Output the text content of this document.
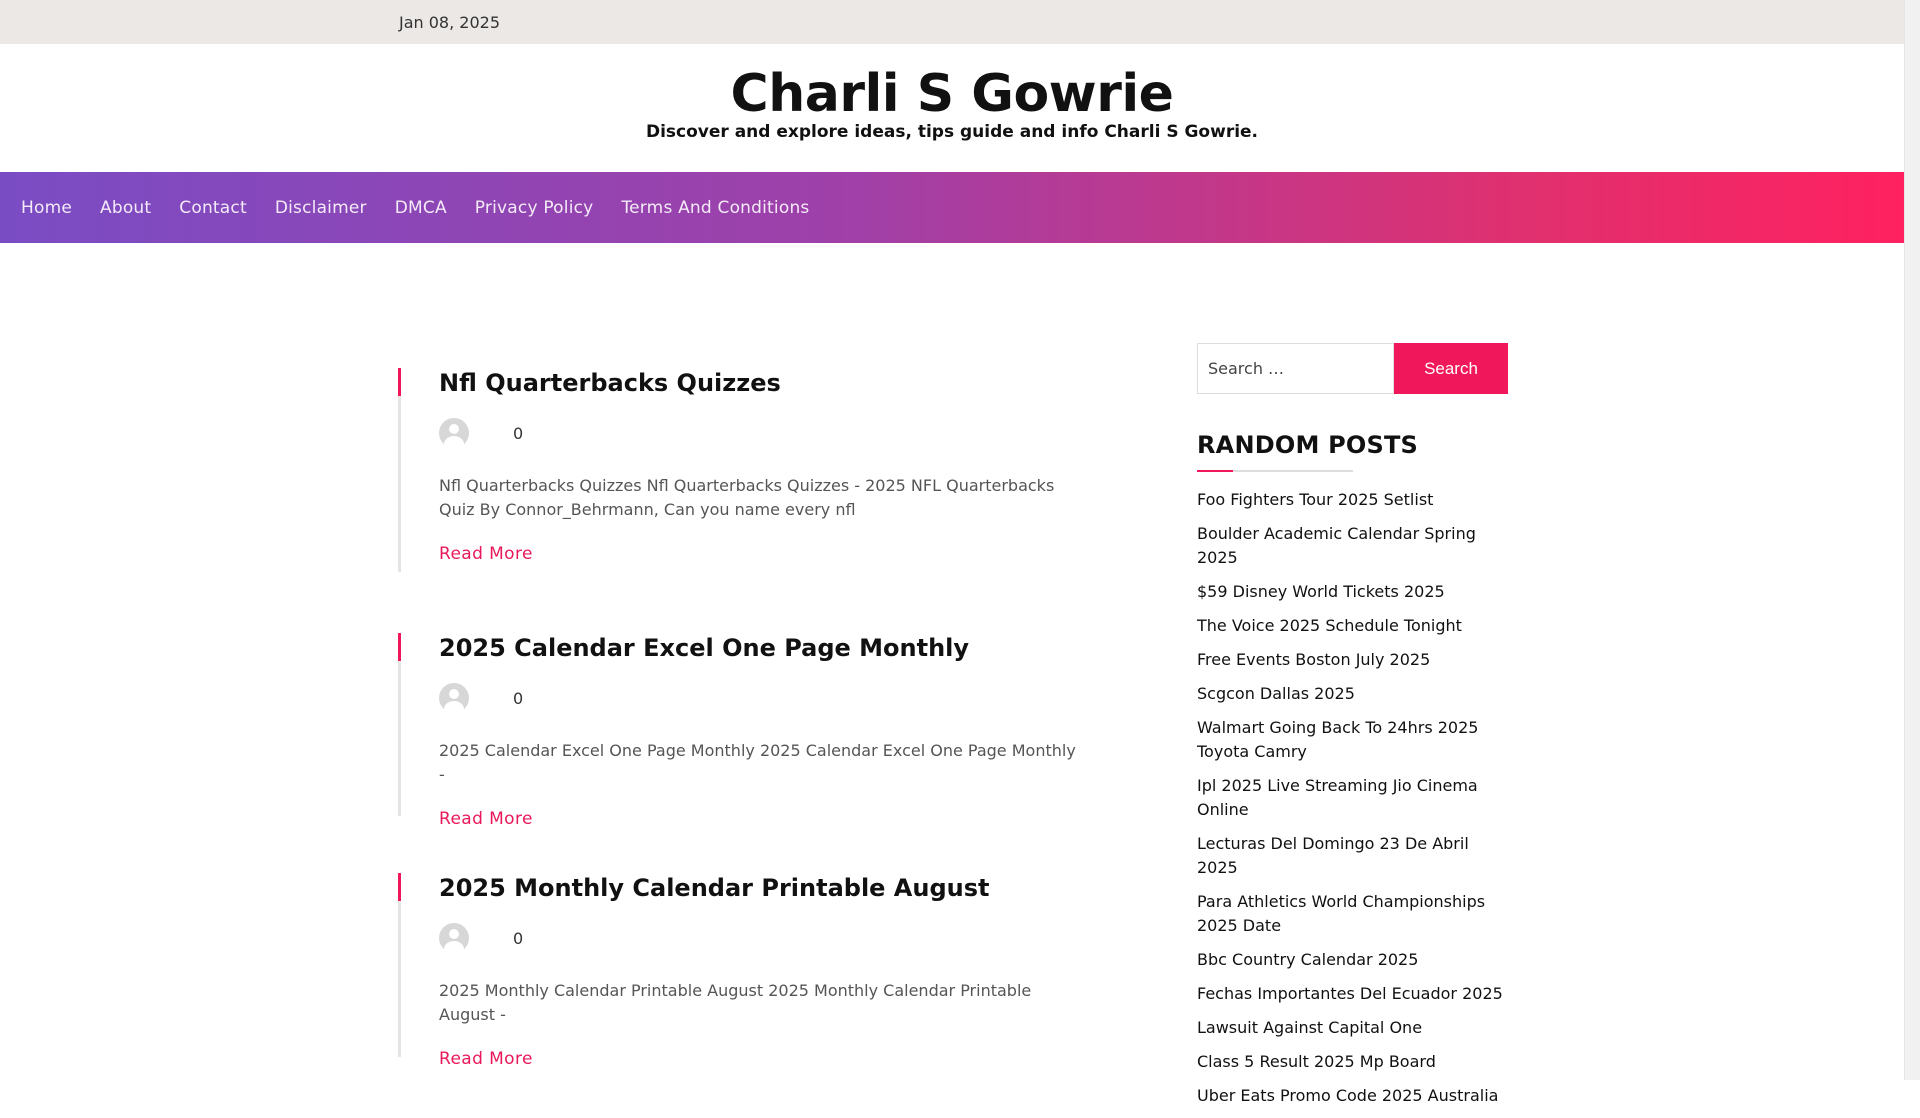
Jan 08, 2025
Charli S Gowrie
Discover and explore ideas, tips guide and info Charli S Gowrie.
Home About Contact Disclaimer DMCA Privacy Policy Terms And Conditions
Nfl Quarterbacks Quizzes
0

Nfl Quarterbacks Quizzes Nfl Quarterbacks Quizzes - 2025 NFL Quarterbacks Quiz By Connor_Behrmann, Can you name every nfl

Read More
2025 Calendar Excel One Page Monthly
0

2025 Calendar Excel One Page Monthly 2025 Calendar Excel One Page Monthly -

Read More
2025 Monthly Calendar Printable August
0

2025 Monthly Calendar Printable August 2025 Monthly Calendar Printable August -

Read More
Search …
Search
RANDOM POSTS
Foo Fighters Tour 2025 Setlist
Boulder Academic Calendar Spring 2025
$59 Disney World Tickets 2025
The Voice 2025 Schedule Tonight
Free Events Boston July 2025
Scgcon Dallas 2025
Walmart Going Back To 24hrs 2025 Toyota Camry
Ipl 2025 Live Streaming Jio Cinema Online
Lecturas Del Domingo 23 De Abril 2025
Para Athletics World Championships 2025 Date
Bbc Country Calendar 2025
Fechas Importantes Del Ecuador 2025
Lawsuit Against Capital One
Class 5 Result 2025 Mp Board
Uber Eats Promo Code 2025 Australia
